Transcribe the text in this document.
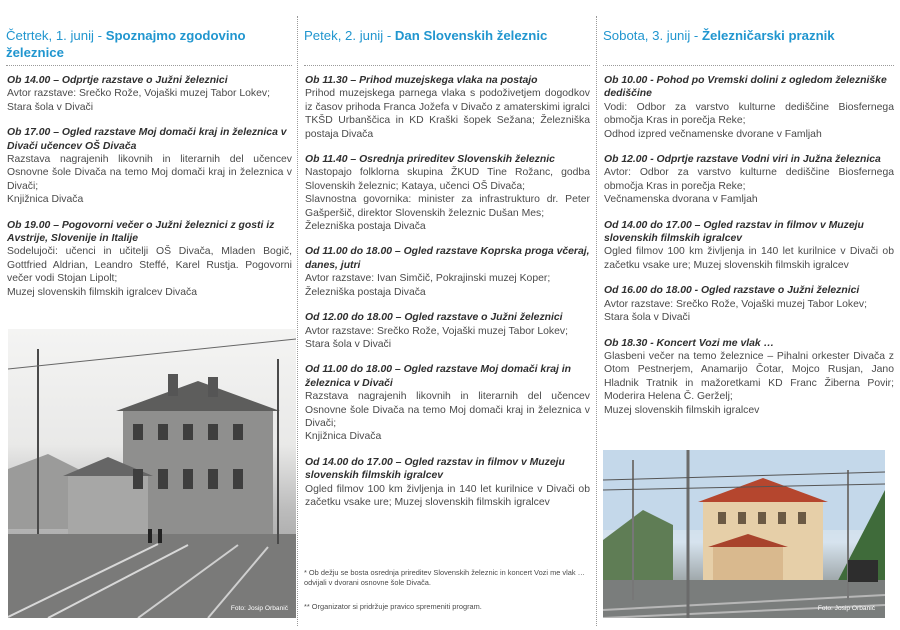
Četrtek, 1. junij - Spoznajmo zgodovino železnice
Ob 14.00 – Odprtje razstave o Južni železnici
Avtor razstave: Srečko Rože, Vojaški muzej Tabor Lokev;
Stara šola v Divači
Ob 17.00 – Ogled razstave Moj domači kraj in železnica v Divači učencev OŠ Divača
Razstava nagrajenih likovnih in literarnih del učencev Osnovne šole Divača na temo Moj domači kraj in železnica v Divači;
Knjižnica Divača
Ob 19.00 – Pogovorni večer o Južni železnici z gosti iz Avstrije, Slovenije in Italije
Sodelujoči: učenci in učitelji OŠ Divača, Mladen Bogič, Gottfried Aldrian, Leandro Steffé, Karel Rustja. Pogovorni večer vodi Stojan Lipolt;
Muzej slovenskih filmskih igralcev Divača
Foto: Josip Orbanič
Petek, 2. junij - Dan Slovenskih železnic
Ob 11.30 – Prihod muzejskega vlaka na postajo
Prihod muzejskega parnega vlaka s podoživetjem dogodkov iz časov prihoda Franca Jožefa v Divačo z amaterskimi igralci TKŠD Urbanščica in KD Kraški šopek Sežana; Železniška postaja Divača
Ob 11.40 – Osrednja prireditev Slovenskih železnic
Nastopajo folklorna skupina ŽKUD Tine Rožanc, godba Slovenskih železnic; Kataya, učenci OŠ Divača;
Slavnostna govornika: minister za infrastrukturo dr. Peter Gašperšič, direktor Slovenskih železnic Dušan Mes;
Železniška postaja Divača
Od 11.00 do 18.00 – Ogled razstave Koprska proga včeraj, danes, jutri
Avtor razstave: Ivan Simčič, Pokrajinski muzej Koper;
Železniška postaja Divača
Od 12.00 do 18.00 – Ogled razstave o Južni železnici
Avtor razstave: Srečko Rože, Vojaški muzej Tabor Lokev;
Stara šola v Divači
Od 11.00 do 18.00 – Ogled razstave Moj domači kraj in železnica v Divači
Razstava nagrajenih likovnih in literarnih del učencev Osnovne šole Divača na temo Moj domači kraj in železnica v Divači;
Knjižnica Divača
Od 14.00 do 17.00 – Ogled razstav in filmov v Muzeju slovenskih filmskih igralcev
Ogled filmov 100 km življenja in 140 let kurilnice v Divači ob začetku vsake ure; Muzej slovenskih filmskih igralcev
* Ob dežju se bosta osrednja prireditev Slovenskih železnic in koncert Vozi me vlak … odvijali v dvorani osnovne šole Divača.
** Organizator si pridržuje pravico spremeniti program.
Sobota, 3. junij - Železničarski praznik
Ob 10.00 - Pohod po Vremski dolini z ogledom železniške dediščine
Vodi: Odbor za varstvo kulturne dediščine Biosfernega območja Kras in porečja Reke;
Odhod izpred večnamenske dvorane v Famljah
Ob 12.00 - Odprtje razstave Vodni viri in Južna železnica
Avtor: Odbor za varstvo kulturne dediščine Biosfernega območja Kras in porečja Reke;
Večnamenska dvorana v Famljah
Od 14.00 do 17.00 – Ogled razstav in filmov v Muzeju slovenskih filmskih igralcev
Ogled filmov 100 km življenja in 140 let kurilnice v Divači ob začetku vsake ure; Muzej slovenskih filmskih igralcev
Od 16.00 do 18.00 - Ogled razstave o Južni železnici
Avtor razstave: Srečko Rože, Vojaški muzej Tabor Lokev;
Stara šola v Divači
Ob 18.30 - Koncert Vozi me vlak …
Glasbeni večer na temo železnice – Pihalni orkester Divača z Otom Pestnerjem, Anamarijo Čotar, Mojco Rusjan, Jano Hladnik Tratnik in mažoretkami KD Franc Žiberna Povir; Moderira Helena Č. Gerželj;
Muzej slovenskih filmskih igralcev
Foto: Josip Orbanič
